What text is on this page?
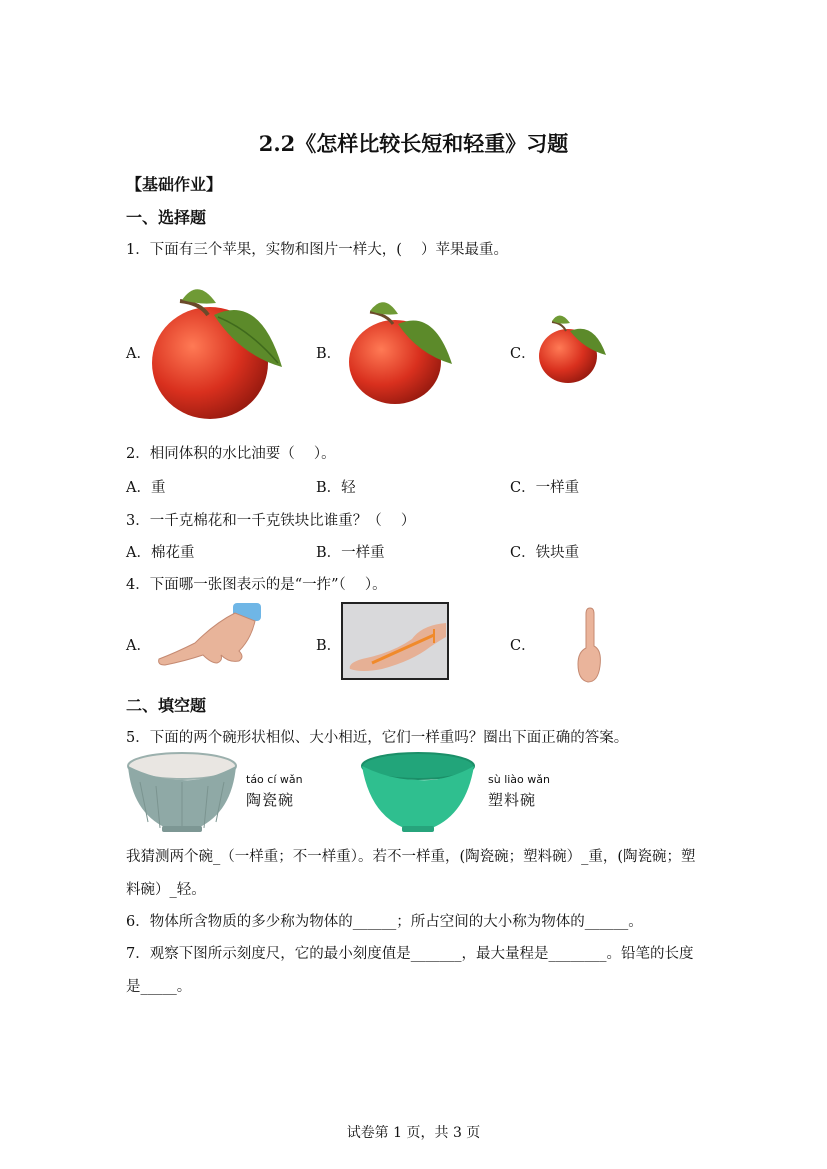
2.2《怎样比较长短和轻重》习题
【基础作业】
一、选择题
1．下面有三个苹果，实物和图片一样大，(　 ）苹果最重。
A．	B．	C．
2．相同体积的水比油要（　 ）。
A．重	B．轻	C．一样重
3．一千克棉花和一千克铁块比谁重？（　 ）
A．棉花重	B．一样重	C．铁块重
4．下面哪一张图表示的是“一拃”（　 ）。
A．	B．	C．
二、填空题
5．下面的两个碗形状相似、大小相近，它们一样重吗？圈出下面正确的答案。
táo cí wǎn
陶瓷碗
sù liào wǎn
塑料碗
我猜测两个碗_（一样重；不一样重）。若不一样重，(陶瓷碗；塑料碗）_重，(陶瓷碗；塑
料碗）_轻。
6．物体所含物质的多少称为物体的______；所占空间的大小称为物体的______。
7．观察下图所示刻度尺，它的最小刻度值是_______，最大量程是________。铅笔的长度
是_____。
试卷第 1 页，共 3 页
